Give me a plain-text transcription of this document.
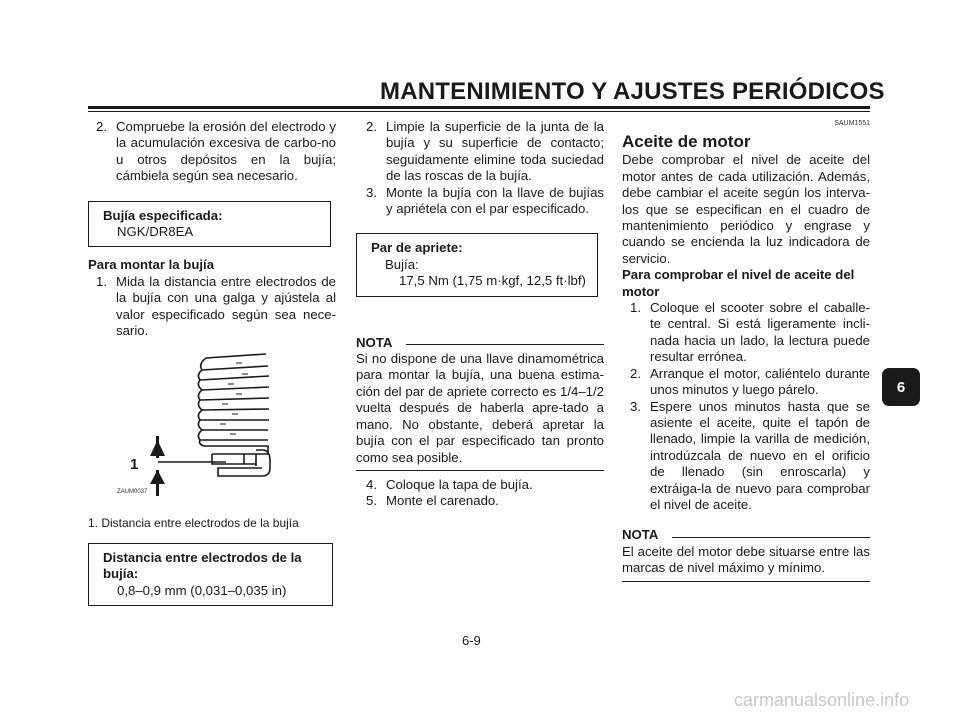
MANTENIMIENTO Y AJUSTES PERIÓDICOS
2. Compruebe la erosión del electrodo y la acumulación excesiva de carbo-no u otros depósitos en la bujía; cámbiela según sea necesario.
Bujía especificada:
NGK/DR8EA
Para montar la bujía
1. Mida la distancia entre electrodos de la bujía con una galga y ajústela al valor especificado según sea nece-sario.
1
ZAUM0037
1. Distancia entre electrodos de la bujía
Distancia entre electrodos de la bujía:
0,8–0,9 mm (0,031–0,035 in)
2. Limpie la superficie de la junta de la bujía y su superficie de contacto; seguidamente elimine toda suciedad de las roscas de la bujía.
3. Monte la bujía con la llave de bujías y apriétela con el par especificado.
Par de apriete:
Bujía:
17,5 Nm (1,75 m·kgf, 12,5 ft·lbf)
NOTA

Si no dispone de una llave dinamométrica para montar la bujía, una buena estima-ción del par de apriete correcto es 1/4–1/2 vuelta después de haberla apre-tado a mano. No obstante, deberá apretar la bujía con el par especificado tan pronto como sea posible.

4. Coloque la tapa de bujía.
5. Monte el carenado.
SAUM1551
Aceite de motor

Debe comprobar el nivel de aceite del motor antes de cada utilización. Además, debe cambiar el aceite según los interva-los que se especifican en el cuadro de mantenimiento periódico y engrase y cuando se encienda la luz indicadora de servicio.

Para comprobar el nivel de aceite del motor
1. Coloque el scooter sobre el caballe-te central. Si está ligeramente incli-nada hacia un lado, la lectura puede resultar errónea.
2. Arranque el motor, caliéntelo durante unos minutos y luego párelo.
3. Espere unos minutos hasta que se asiente el aceite, quite el tapón de llenado, limpie la varilla de medición, introdúzcala de nuevo en el orificio de llenado (sin enroscarla) y extráiga-la de nuevo para comprobar el nivel de aceite.
NOTA

El aceite del motor debe situarse entre las marcas de nivel máximo y mínimo.

6
6-9
carmanualsonline.info
